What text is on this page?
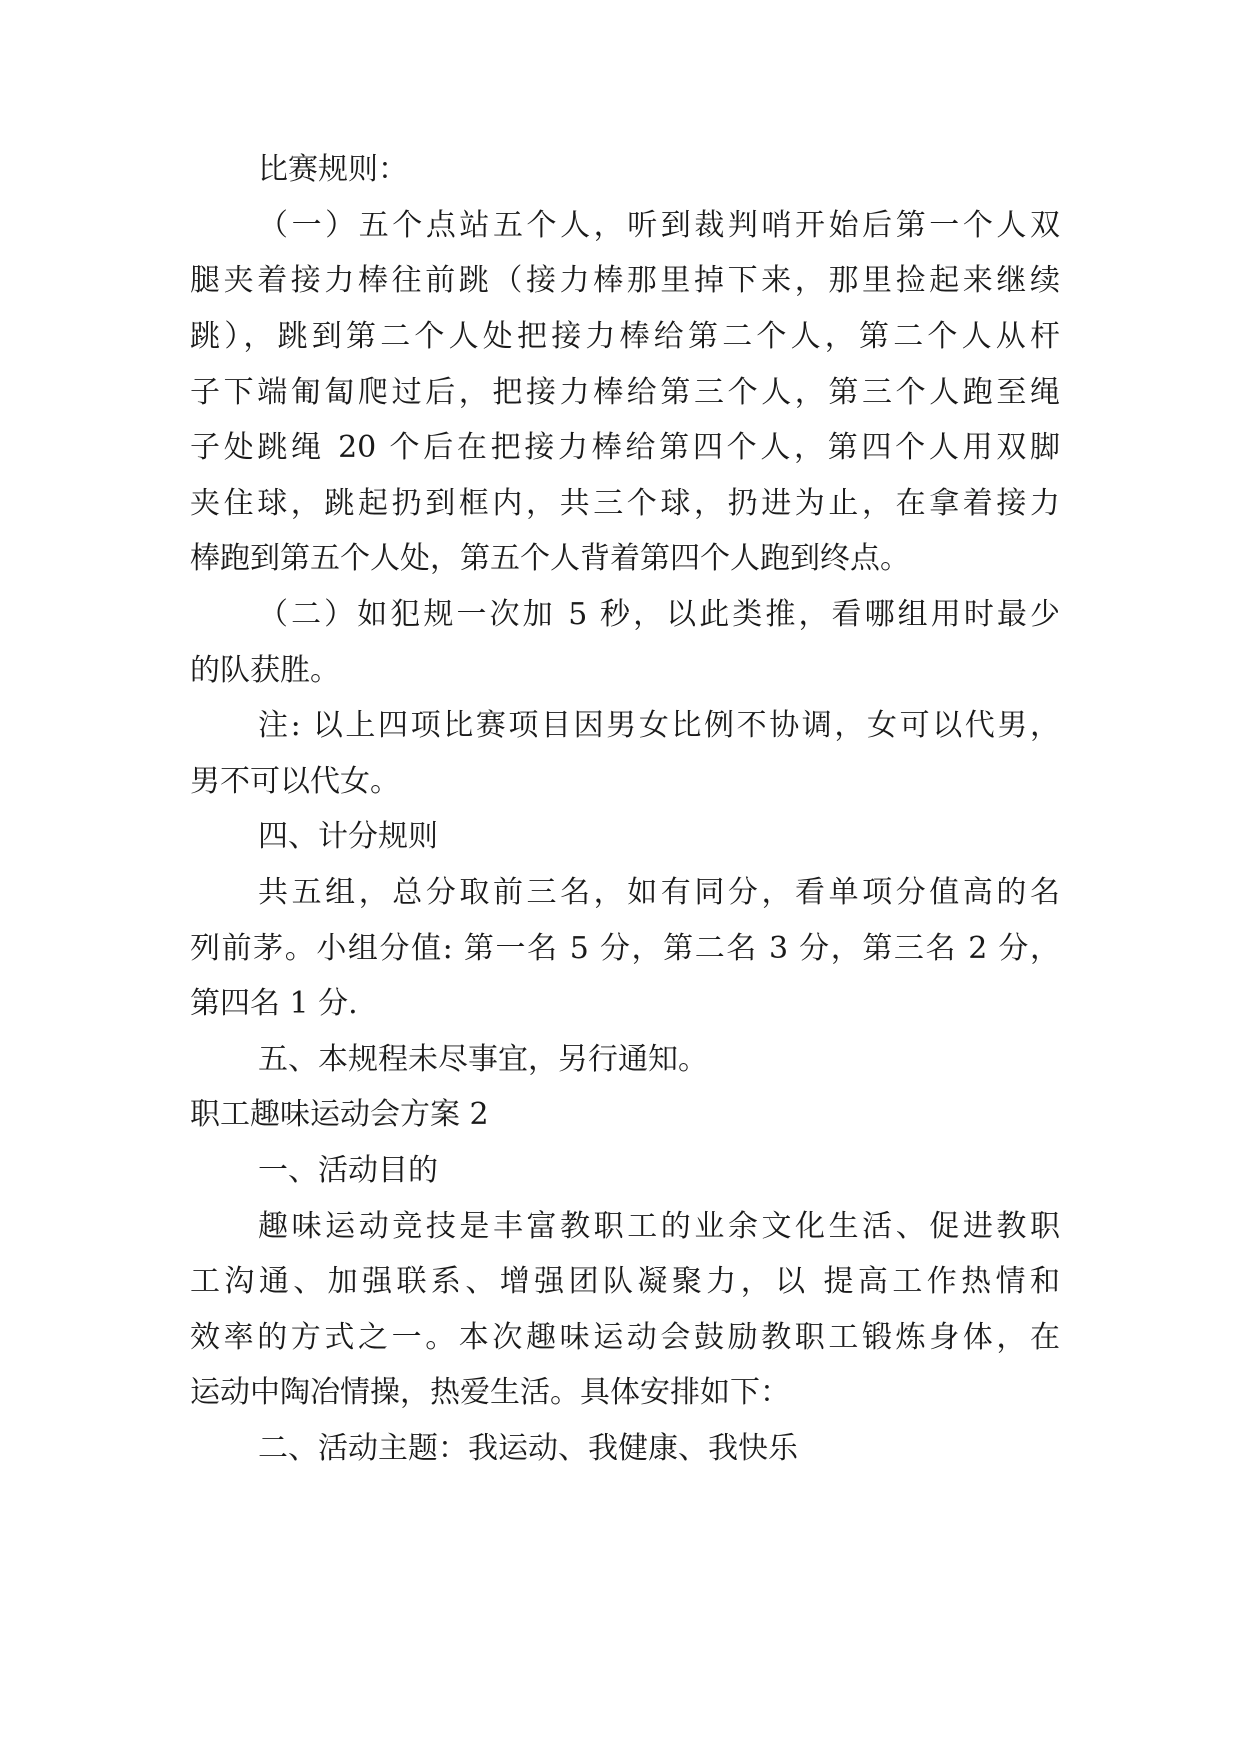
比赛规则：
（一）五个点站五个人，听到裁判哨开始后第一个人双
腿夹着接力棒往前跳（接力棒那里掉下来，那里捡起来继续
跳），跳到第二个人处把接力棒给第二个人，第二个人从杆
子下端匍匐爬过后，把接力棒给第三个人，第三个人跑至绳
子处跳绳 20 个后在把接力棒给第四个人，第四个人用双脚
夹住球，跳起扔到框内，共三个球，扔进为止，在拿着接力
棒跑到第五个人处，第五个人背着第四个人跑到终点。
（二）如犯规一次加 5 秒，以此类推，看哪组用时最少
的队获胜。
注: 以上四项比赛项目因男女比例不协调，女可以代男，
男不可以代女。
四、计分规则
共五组，总分取前三名，如有同分，看单项分值高的名
列前茅。小组分值: 第一名 5 分，第二名 3 分，第三名 2 分，
第四名 1 分.
五、本规程未尽事宜，另行通知。
职工趣味运动会方案 2
一、活动目的
趣味运动竞技是丰富教职工的业余文化生活、促进教职
工沟通、加强联系、增强团队凝聚力，以 提高工作热情和
效率的方式之一。本次趣味运动会鼓励教职工锻炼身体，在
运动中陶冶情操，热爱生活。具体安排如下：
二、活动主题：我运动、我健康、我快乐
